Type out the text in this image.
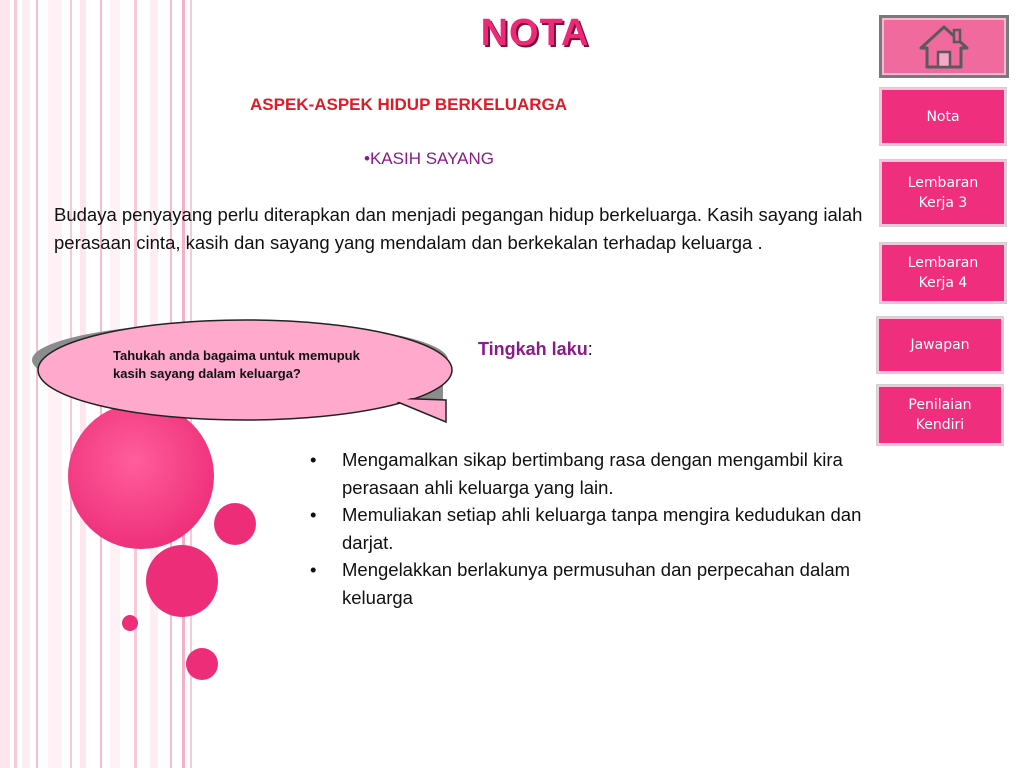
Tahukah anda bagaima untuk memupuk kasih sayang dalam keluarga?
NOTA
ASPEK-ASPEK HIDUP BERKELUARGA
•KASIH SAYANG

Budaya penyayang perlu diterapkan dan menjadi pegangan hidup berkeluarga. Kasih sayang ialah perasaan cinta, kasih dan sayang yang mendalam dan berkekalan terhadap keluarga .

Tingkah laku:
• Mengamalkan sikap bertimbang rasa dengan mengambil kira perasaan ahli keluarga yang lain.
• Memuliakan setiap ahli keluarga tanpa mengira kedudukan dan darjat.
• Mengelakkan berlakunya permusuhan dan perpecahan dalam keluarga
Nota
Lembaran Kerja 3
Lembaran Kerja 4
Jawapan
Penilaian Kendiri
